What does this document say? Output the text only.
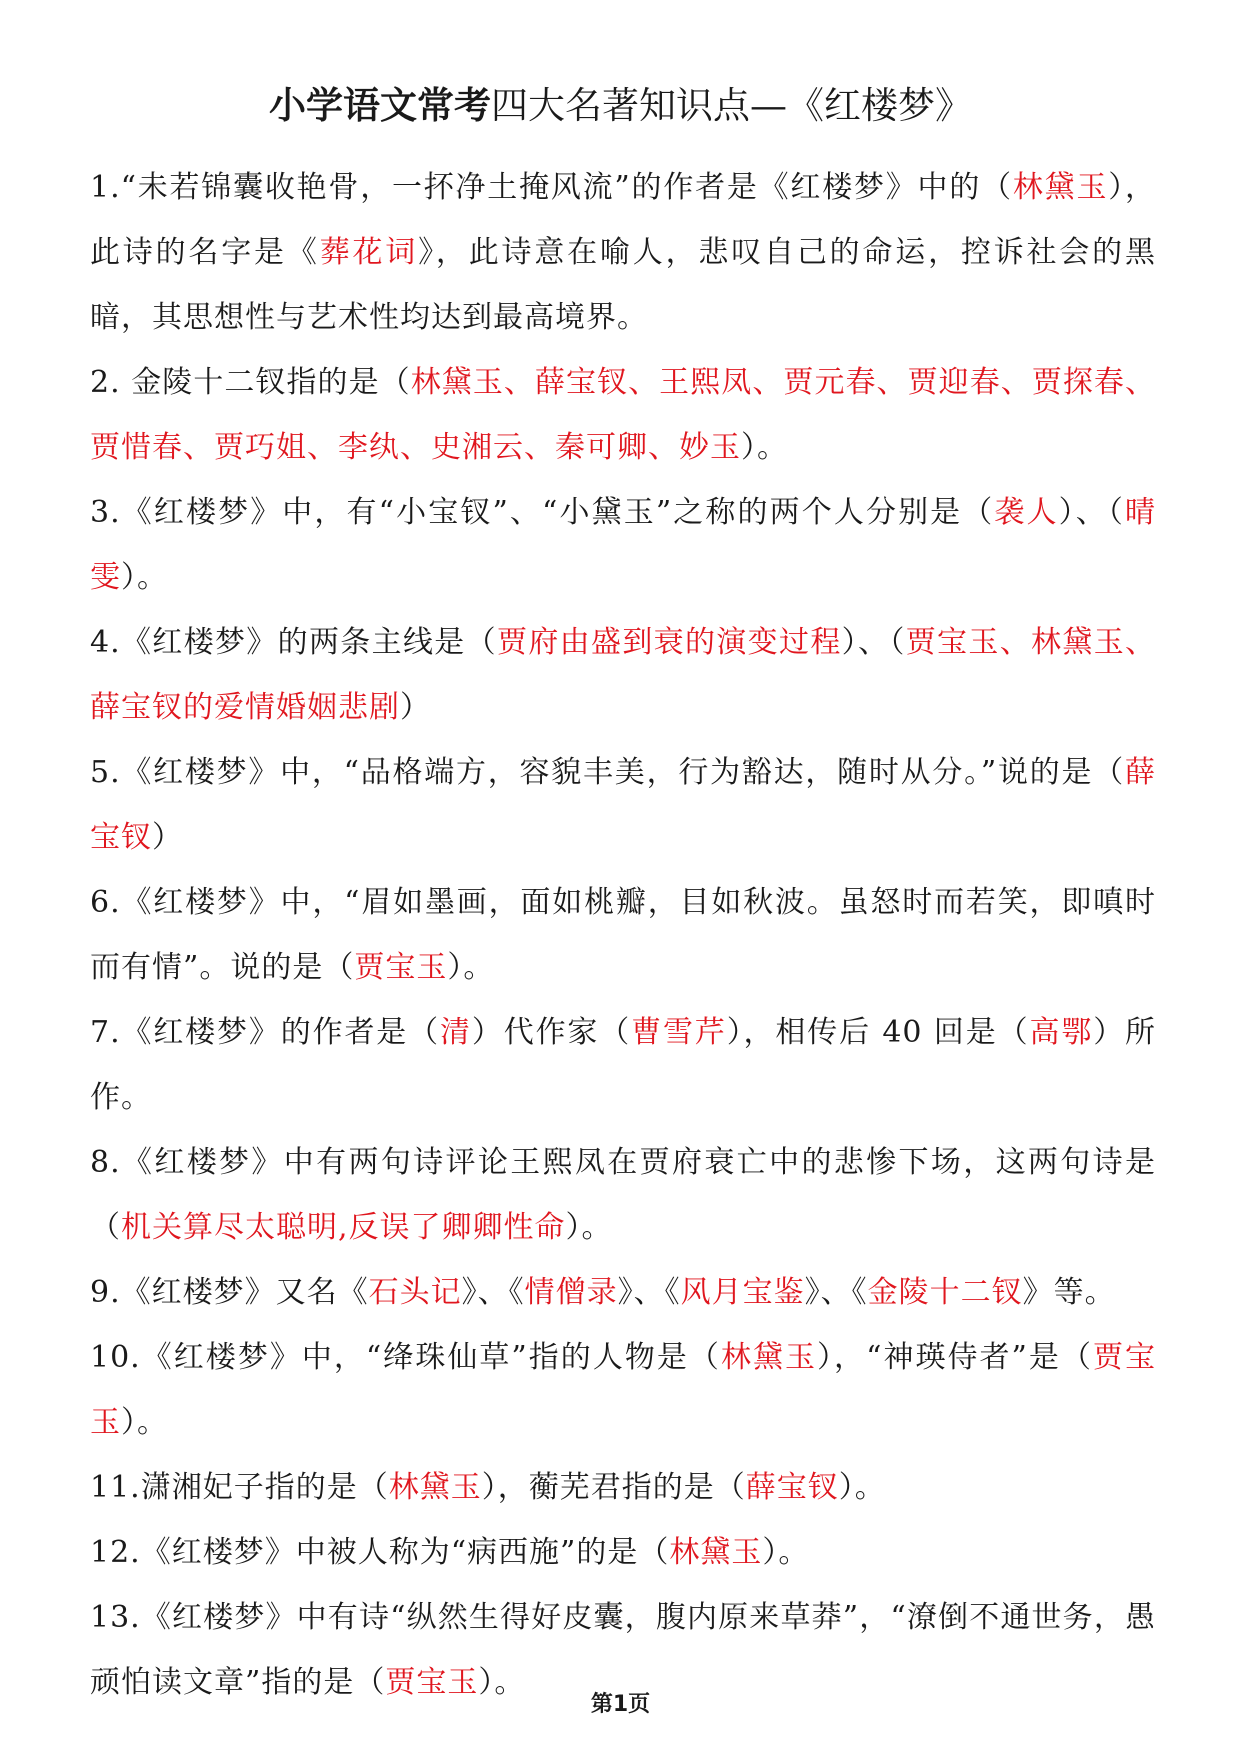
小学语文常考四大名著知识点—《红楼梦》

1.“未若锦囊收艳骨，一抔净土掩风流”的作者是《红楼梦》中的（林黛玉），此诗的名字是《葬花词》，此诗意在喻人，悲叹自己的命运，控诉社会的黑暗，其思想性与艺术性均达到最高境界。

2. 金陵十二钗指的是（林黛玉、薛宝钗、王熙凤、贾元春、贾迎春、贾探春、贾惜春、贾巧姐、李纨、史湘云、秦可卿、妙玉）。

3.《红楼梦》中，有“小宝钗”、“小黛玉”之称的两个人分别是（袭人）、（晴雯）。

4.《红楼梦》的两条主线是（贾府由盛到衰的演变过程）、（贾宝玉、林黛玉、薛宝钗的爱情婚姻悲剧）

5.《红楼梦》中，“品格端方，容貌丰美，行为豁达，随时从分。”说的是（薛宝钗）

6.《红楼梦》中，“眉如墨画，面如桃瓣，目如秋波。虽怒时而若笑，即嗔时而有情”。说的是（贾宝玉）。

7.《红楼梦》的作者是（清）代作家（曹雪芹），相传后 40 回是（高鄂）所作。

8.《红楼梦》中有两句诗评论王熙凤在贾府衰亡中的悲惨下场，这两句诗是（机关算尽太聪明,反误了卿卿性命）。

9.《红楼梦》又名《石头记》、《情僧录》、《风月宝鉴》、《金陵十二钗》等。

10.《红楼梦》中，“绛珠仙草”指的人物是（林黛玉），“神瑛侍者”是（贾宝玉）。

11.潇湘妃子指的是（林黛玉），蘅芜君指的是（薛宝钗）。

12.《红楼梦》中被人称为“病西施”的是（林黛玉）。

13.《红楼梦》中有诗“纵然生得好皮囊，腹内原来草莽”，“潦倒不通世务，愚顽怕读文章”指的是（贾宝玉）。

第1页
